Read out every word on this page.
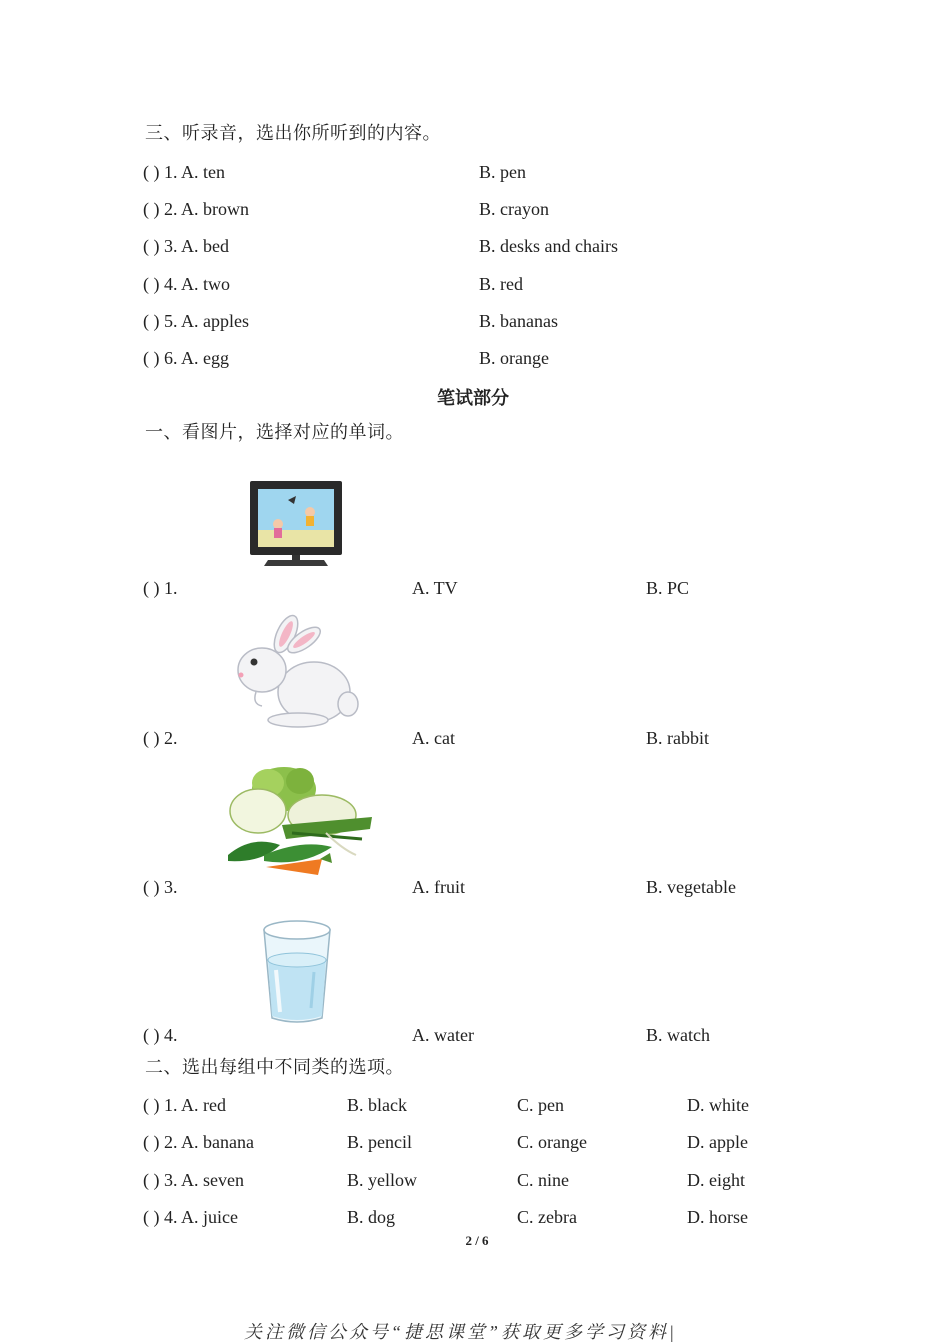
三、听录音，选出你所听到的内容。
( ) 1. A. ten	B. pen
( ) 2. A. brown	B. crayon
( ) 3. A. bed	B. desks and chairs
( ) 4. A. two	B. red
( ) 5. A. apples	B. bananas
( ) 6. A. egg	B. orange
笔试部分
一、看图片，选择对应的单词。
( ) 1.	A. TV	B. PC
( ) 2.	A. cat	B. rabbit
( ) 3.	A. fruit	B. vegetable
( ) 4.	A. water	B. watch
二、选出每组中不同类的选项。
( ) 1. A. red	B. black	C. pen	D. white
( ) 2. A. banana	B. pencil	C. orange	D. apple
( ) 3. A. seven	B. yellow	C. nine	D. eight
( ) 4. A. juice	B. dog	C. zebra	D. horse
2 / 6
关注微信公众号“捷思课堂”获取更多学习资料|
